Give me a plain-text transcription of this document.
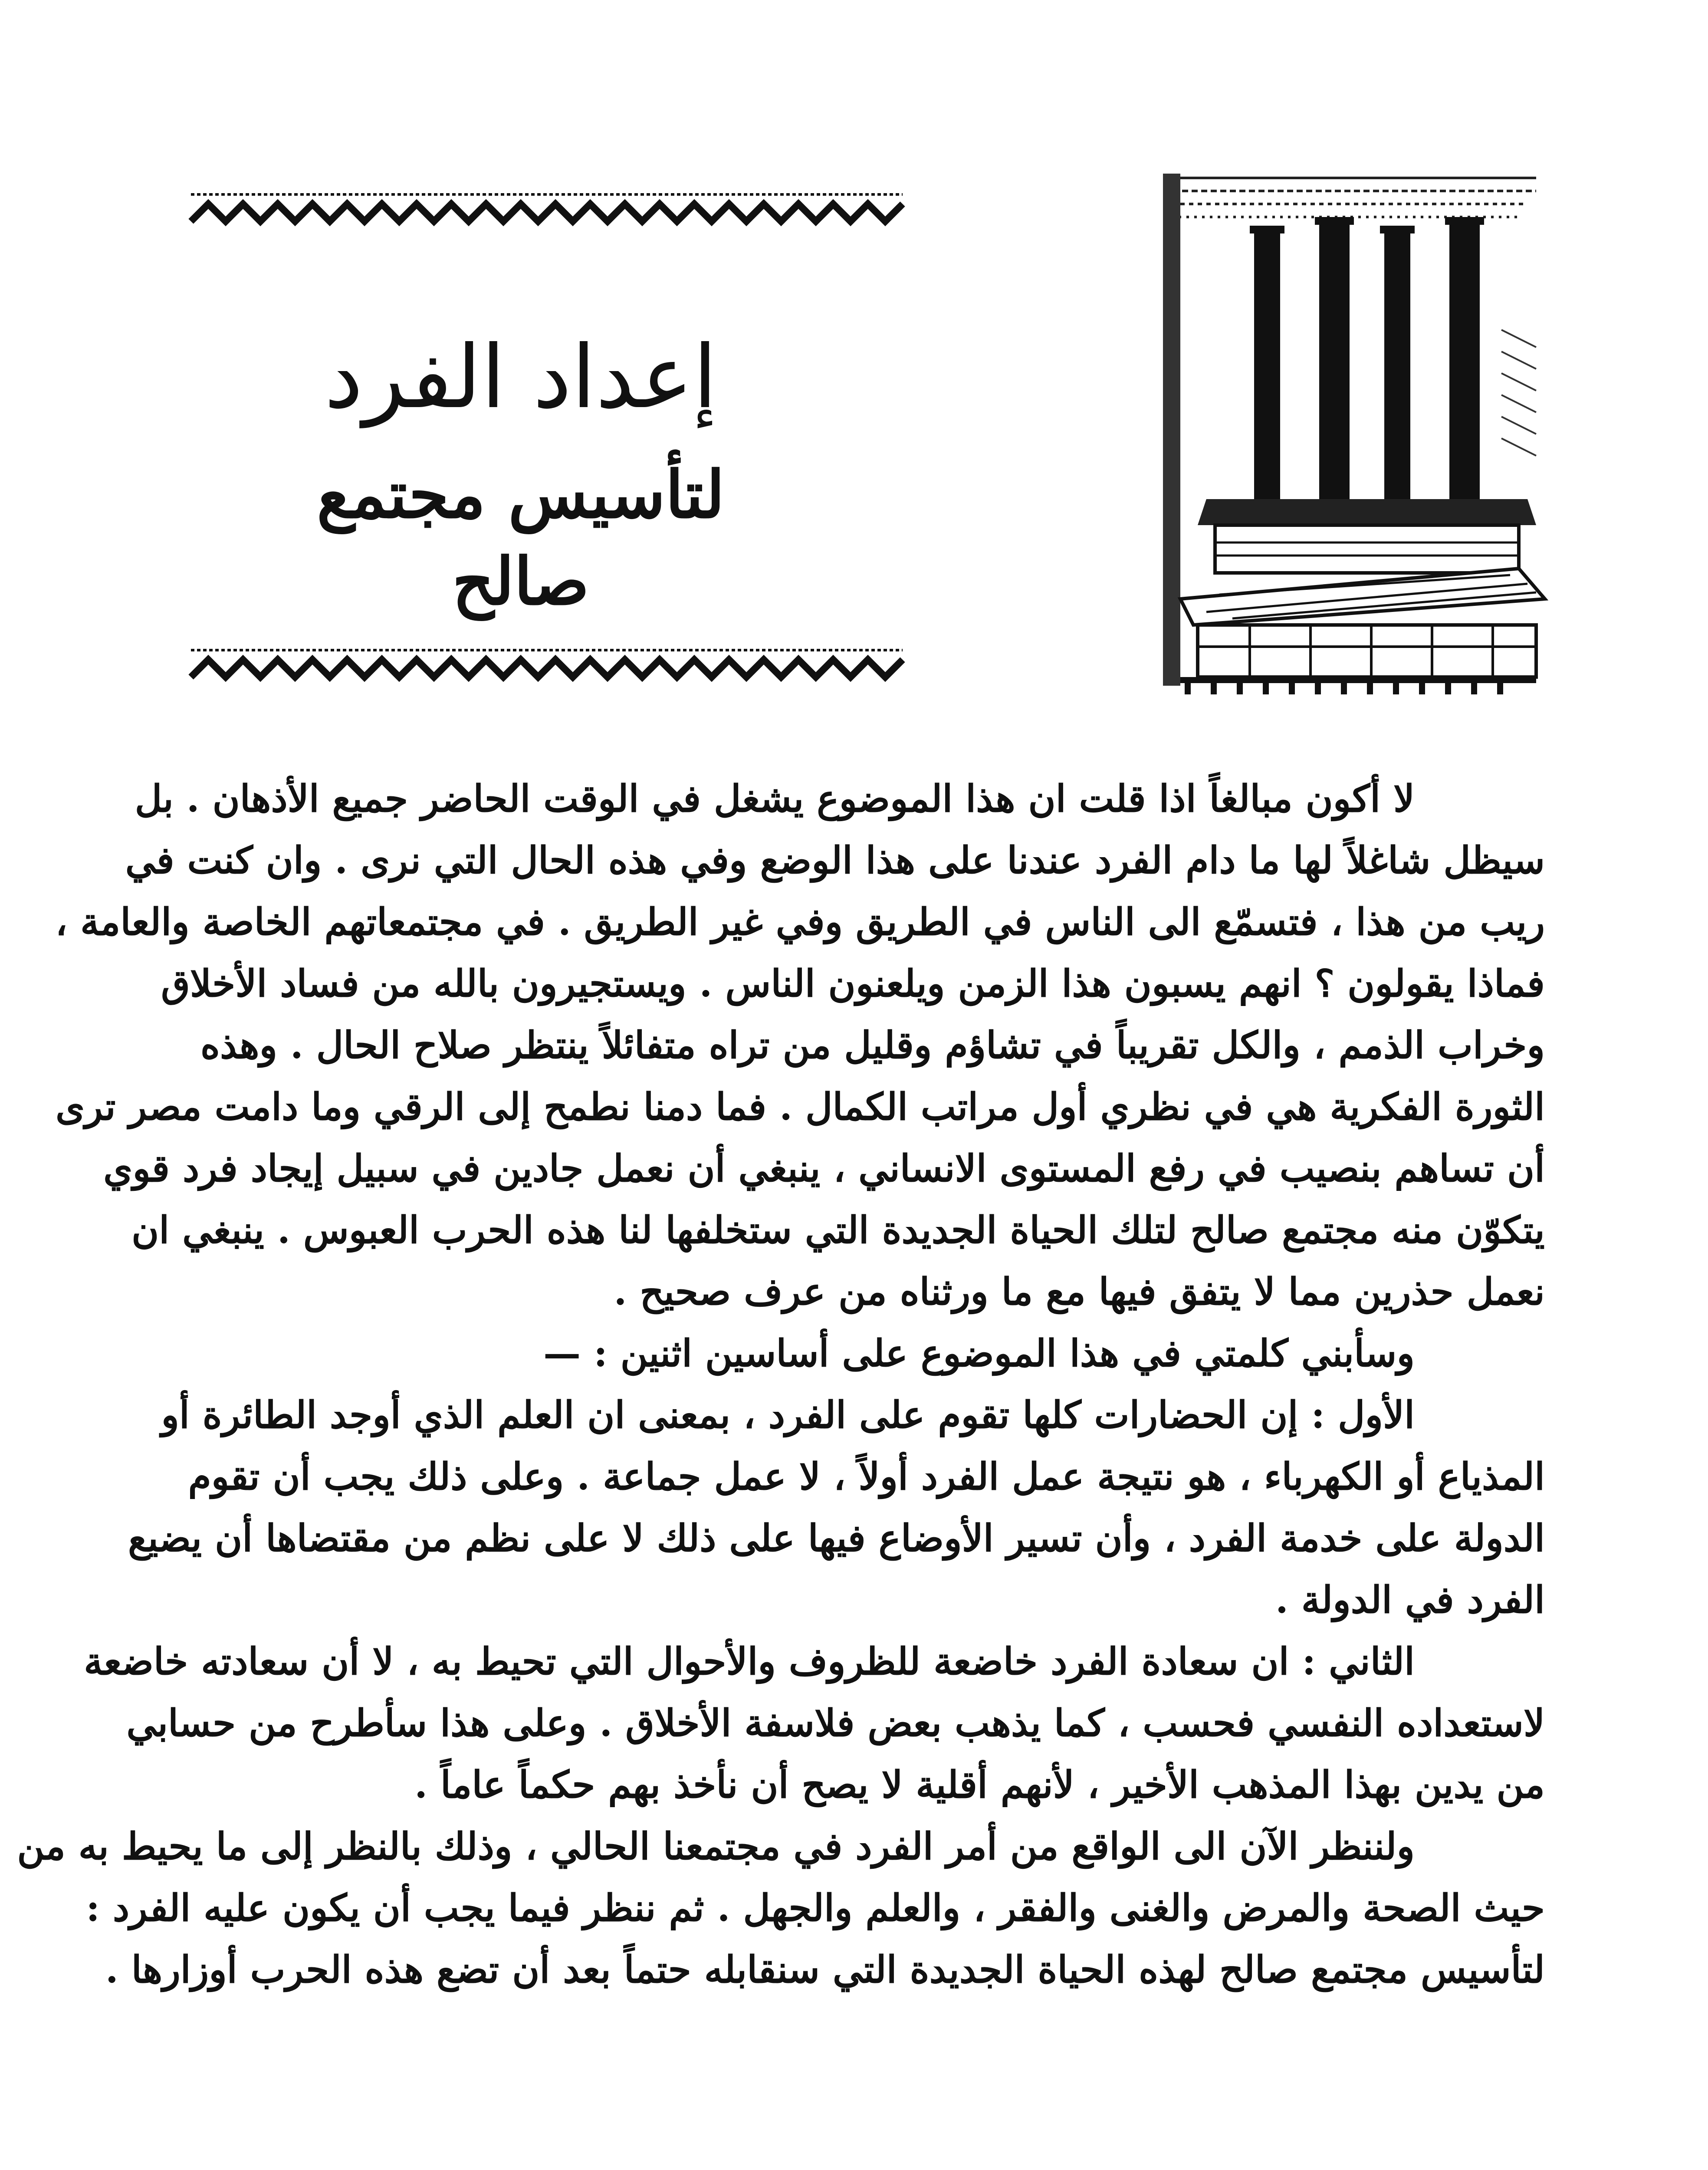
إعداد الفرد
لتأسيس مجتمع صالح
لا أكون مبالغاً اذا قلت ان هذا الموضوع يشغل في الوقت الحاضر جميع الأذهان . بل
سيظل شاغلاً لها ما دام الفرد عندنا على هذا الوضع وفي هذه الحال التي نرى . وان كنت في
ريب من هذا ، فتسمّع الى الناس في الطريق وفي غير الطريق . في مجتمعاتهم الخاصة والعامة ،
فماذا يقولون ؟ انهم يسبون هذا الزمن ويلعنون الناس . ويستجيرون بالله من فساد الأخلاق
وخراب الذمم ، والكل تقريباً في تشاؤم وقليل من تراه متفائلاً ينتظر صلاح الحال . وهذه
الثورة الفكرية هي في نظري أول مراتب الكمال . فما دمنا نطمح إلى الرقي وما دامت مصر ترى
أن تساهم بنصيب في رفع المستوى الانساني ، ينبغي أن نعمل جادين في سبيل إيجاد فرد قوي
يتكوّن منه مجتمع صالح لتلك الحياة الجديدة التي ستخلفها لنا هذه الحرب العبوس . ينبغي ان
نعمل حذرين مما لا يتفق فيها مع ما ورثناه من عرف صحيح .
وسأبني كلمتي في هذا الموضوع على أساسين اثنين : —
الأول : إن الحضارات كلها تقوم على الفرد ، بمعنى ان العلم الذي أوجد الطائرة أو
المذياع أو الكهرباء ، هو نتيجة عمل الفرد أولاً ، لا عمل جماعة . وعلى ذلك يجب أن تقوم
الدولة على خدمة الفرد ، وأن تسير الأوضاع فيها على ذلك لا على نظم من مقتضاها أن يضيع
الفرد في الدولة .
الثاني : ان سعادة الفرد خاضعة للظروف والأحوال التي تحيط به ، لا أن سعادته خاضعة
لاستعداده النفسي فحسب ، كما يذهب بعض فلاسفة الأخلاق . وعلى هذا سأطرح من حسابي
من يدين بهذا المذهب الأخير ، لأنهم أقلية لا يصح أن نأخذ بهم حكماً عاماً .
ولننظر الآن الى الواقع من أمر الفرد في مجتمعنا الحالي ، وذلك بالنظر إلى ما يحيط به من
حيث الصحة والمرض والغنى والفقر ، والعلم والجهل . ثم ننظر فيما يجب أن يكون عليه الفرد :
لتأسيس مجتمع صالح لهذه الحياة الجديدة التي سنقابله حتماً بعد أن تضع هذه الحرب أوزارها .
